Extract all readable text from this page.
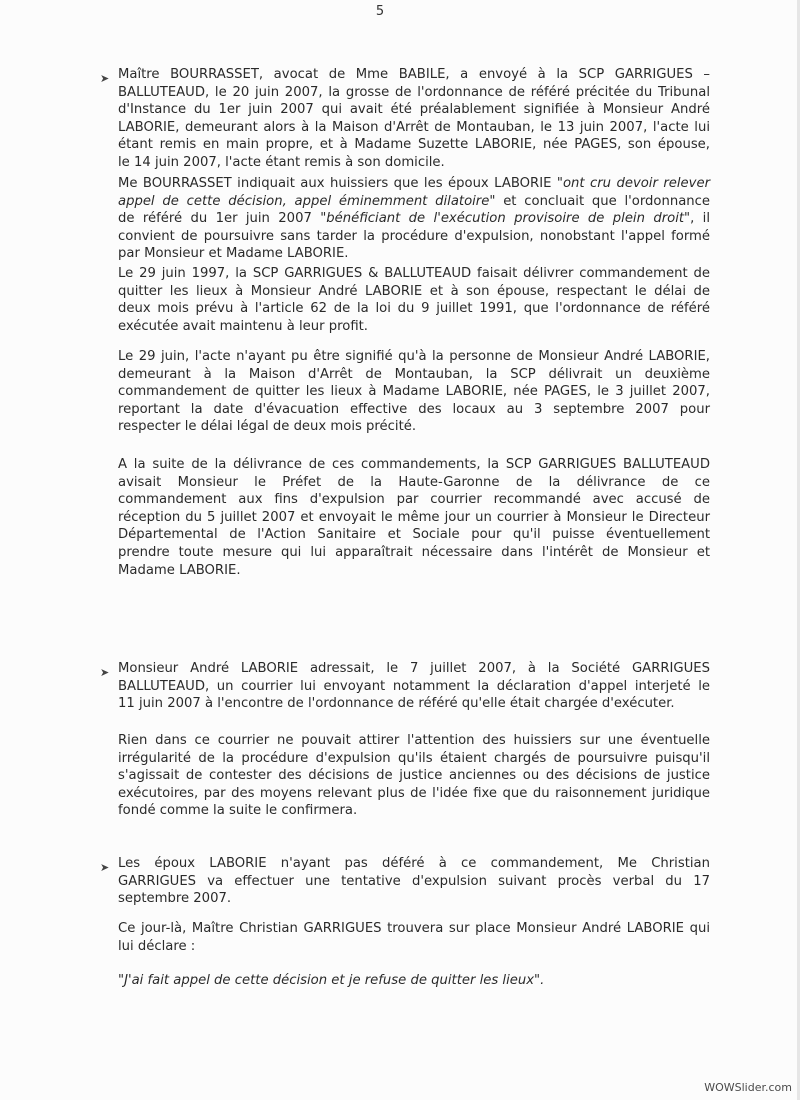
5
➤ Maître BOURRASSET, avocat de Mme BABILE, a envoyé à la SCP GARRIGUES –
BALLUTEAUD, le 20 juin 2007, la grosse de l'ordonnance de référé précitée du Tribunal
d'Instance du 1er juin 2007 qui avait été préalablement signifiée à Monsieur André
LABORIE, demeurant alors à la Maison d'Arrêt de Montauban, le 13 juin 2007, l'acte lui
étant remis en main propre, et à Madame Suzette LABORIE, née PAGES, son épouse,
le 14 juin 2007, l'acte étant remis à son domicile.
Me BOURRASSET indiquait aux huissiers que les époux LABORIE "ont cru devoir relever
appel de cette décision, appel éminemment dilatoire" et concluait que l'ordonnance
de référé du 1er juin 2007 "bénéficiant de l'exécution provisoire de plein droit", il
convient de poursuivre sans tarder la procédure d'expulsion, nonobstant l'appel formé
par Monsieur et Madame LABORIE.
Le 29 juin 1997, la SCP GARRIGUES & BALLUTEAUD faisait délivrer commandement de
quitter les lieux à Monsieur André LABORIE et à son épouse, respectant le délai de
deux mois prévu à l'article 62 de la loi du 9 juillet 1991, que l'ordonnance de référé
exécutée avait maintenu à leur profit.
Le 29 juin, l'acte n'ayant pu être signifié qu'à la personne de Monsieur André LABORIE,
demeurant à la Maison d'Arrêt de Montauban, la SCP délivrait un deuxième
commandement de quitter les lieux à Madame LABORIE, née PAGES, le 3 juillet 2007,
reportant la date d'évacuation effective des locaux au 3 septembre 2007 pour
respecter le délai légal de deux mois précité.
A la suite de la délivrance de ces commandements, la SCP GARRIGUES BALLUTEAUD
avisait Monsieur le Préfet de la Haute-Garonne de la délivrance de ce
commandement aux fins d'expulsion par courrier recommandé avec accusé de
réception du 5 juillet 2007 et envoyait le même jour un courrier à Monsieur le Directeur
Départemental de l'Action Sanitaire et Sociale pour qu'il puisse éventuellement
prendre toute mesure qui lui apparaîtrait nécessaire dans l'intérêt de Monsieur et
Madame LABORIE.
➤ Monsieur André LABORIE adressait, le 7 juillet 2007, à la Société GARRIGUES
BALLUTEAUD, un courrier lui envoyant notamment la déclaration d'appel interjeté le
11 juin 2007 à l'encontre de l'ordonnance de référé qu'elle était chargée d'exécuter.
Rien dans ce courrier ne pouvait attirer l'attention des huissiers sur une éventuelle
irrégularité de la procédure d'expulsion qu'ils étaient chargés de poursuivre puisqu'il
s'agissait de contester des décisions de justice anciennes ou des décisions de justice
exécutoires, par des moyens relevant plus de l'idée fixe que du raisonnement juridique
fondé comme la suite le confirmera.
➤ Les époux LABORIE n'ayant pas déféré à ce commandement, Me Christian
GARRIGUES va effectuer une tentative d'expulsion suivant procès verbal du 17
septembre 2007.
Ce jour-là, Maître Christian GARRIGUES trouvera sur place Monsieur André LABORIE qui
lui déclare :
"J'ai fait appel de cette décision et je refuse de quitter les lieux".
WOWSlider.com
